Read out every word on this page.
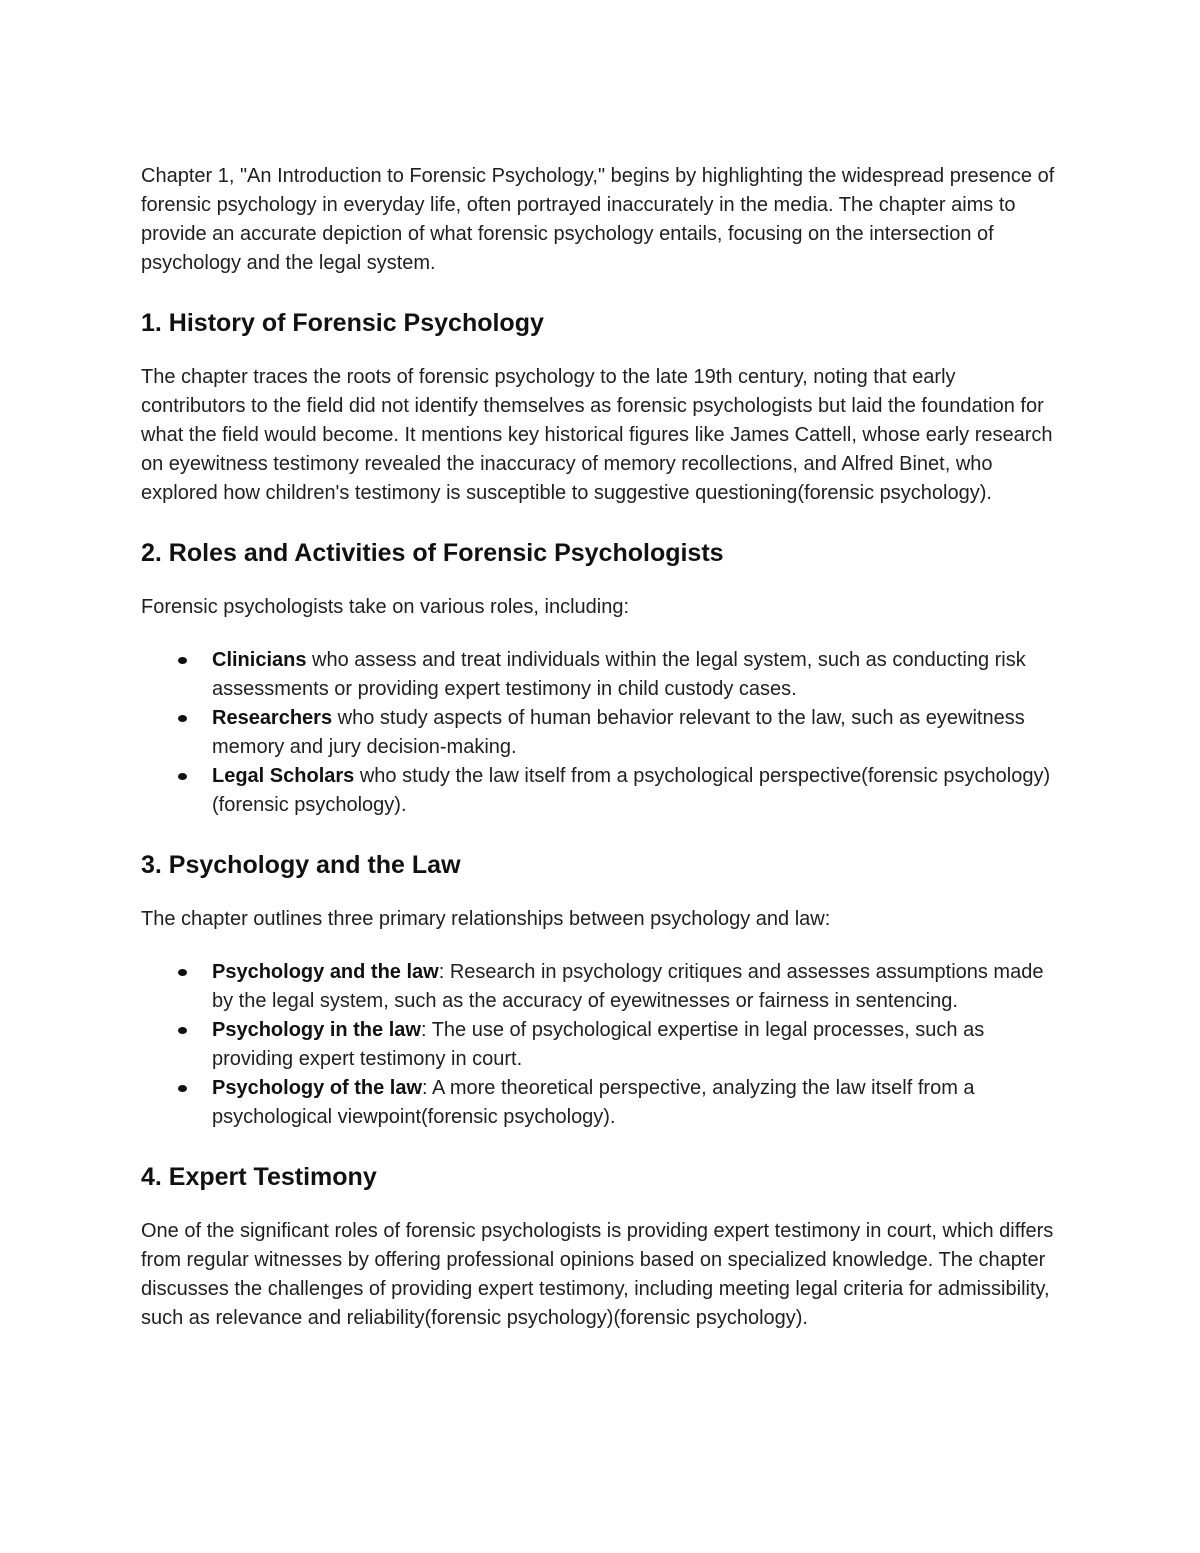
Chapter 1, "An Introduction to Forensic Psychology," begins by highlighting the widespread presence of forensic psychology in everyday life, often portrayed inaccurately in the media. The chapter aims to provide an accurate depiction of what forensic psychology entails, focusing on the intersection of psychology and the legal system.

1. History of Forensic Psychology

The chapter traces the roots of forensic psychology to the late 19th century, noting that early contributors to the field did not identify themselves as forensic psychologists but laid the foundation for what the field would become. It mentions key historical figures like James Cattell, whose early research on eyewitness testimony revealed the inaccuracy of memory recollections, and Alfred Binet, who explored how children's testimony is susceptible to suggestive questioning(forensic psychology).

2. Roles and Activities of Forensic Psychologists

Forensic psychologists take on various roles, including:

Clinicians who assess and treat individuals within the legal system, such as conducting risk assessments or providing expert testimony in child custody cases.
Researchers who study aspects of human behavior relevant to the law, such as eyewitness memory and jury decision-making.
Legal Scholars who study the law itself from a psychological perspective(forensic psychology)(forensic psychology).
3. Psychology and the Law

The chapter outlines three primary relationships between psychology and law:

Psychology and the law: Research in psychology critiques and assesses assumptions made by the legal system, such as the accuracy of eyewitnesses or fairness in sentencing.
Psychology in the law: The use of psychological expertise in legal processes, such as providing expert testimony in court.
Psychology of the law: A more theoretical perspective, analyzing the law itself from a psychological viewpoint(forensic psychology).
4. Expert Testimony

One of the significant roles of forensic psychologists is providing expert testimony in court, which differs from regular witnesses by offering professional opinions based on specialized knowledge. The chapter discusses the challenges of providing expert testimony, including meeting legal criteria for admissibility, such as relevance and reliability(forensic psychology)(forensic psychology).
